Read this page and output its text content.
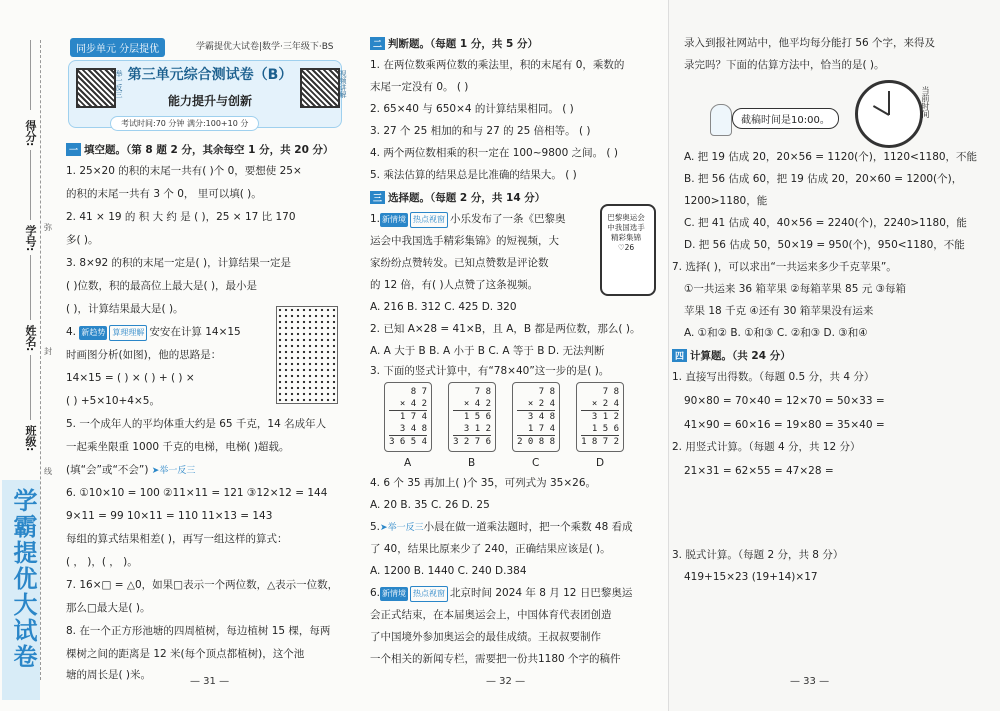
得分:
学号:
姓名:
班级:
弥
封
线
学霸提优大试卷
同步单元 分层提优	学霸提优大试卷|数学·三年级下·BS
举一反三	视频讲解
第三单元综合测试卷（B）
能力提升与创新
考试时间:70 分钟 满分:100+10 分
一 填空题。（第 8 题 2 分，其余每空 1 分，共 20 分）
1. 25×20 的积的末尾一共有( )个 0，要想使 25×
的积的末尾一共有 3 个 0， 里可以填( )。
2. 41 × 19 的 积 大 约 是 ( )，25 × 17 比 170
多( )。
3. 8×92 的积的末尾一定是( )，计算结果一定是
( )位数，积的最高位上最大是( )，最小是
( )，计算结果最大是( )。
4. 新趋势 算理理解 安安在计算 14×15
时画图分析(如图)，他的思路是：
14×15 = ( ) × ( ) + ( ) ×
( ) +5×10+4×5。
5. 一个成年人的平均体重大约是 65 千克，14 名成年人
一起乘坐限重 1000 千克的电梯，电梯( )超载。
(填“会”或“不会”) ➤举一反三
6. ①10×10 = 100 ②11×11 = 121 ③12×12 = 144
9×11 = 99 10×11 = 110 11×13 = 143
每组的算式结果相差( )，再写一组这样的算式：
( ， )，( ， )。
7. 16×□ = △0，如果□表示一个两位数，△表示一位数，
那么□最大是( )。
8. 在一个正方形池塘的四周植树，每边植树 15 棵，每两
棵树之间的距离是 12 米(每个顶点都植树)，这个池
塘的周长是( )米。
— 31 —
二 判断题。（每题 1 分，共 5 分）
1. 在两位数乘两位数的乘法里，积的末尾有 0，乘数的
末尾一定没有 0。 ( )
2. 65×40 与 650×4 的计算结果相同。 ( )
3. 27 个 25 相加的和与 27 的 25 倍相等。 ( )
4. 两个两位数相乘的积一定在 100~9800 之间。 ( )
5. 乘法估算的结果总是比准确的结果大。 ( )
三 选择题。（每题 2 分，共 14 分）
1. 新情境 热点视窗 小乐发布了一条《巴黎奥
运会中我国选手精彩集锦》的短视频，大
家纷纷点赞转发。已知点赞数是评论数
的 12 倍，有( )人点赞了这条视频。
A. 216 B. 312 C. 425 D. 320
巴黎奥运会中我国选手精彩集锦 ♡26
2. 已知 A×28 = 41×B，且 A，B 都是两位数，那么( )。
A. A 大于 B B. A 小于 B C. A 等于 B D. 无法判断
3. 下面的竖式计算中，有“78×40”这一步的是( )。
8 7
× 4 2
1 7 4
3 4 8
3 6 5 4
7 8
× 4 2
1 5 6
3 1 2
3 2 7 6
7 8
× 2 4
3 4 8
1 7 4
2 0 8 8
7 8
× 2 4
3 1 2
1 5 6
1 8 7 2
A	B	C	D
4. 6 个 35 再加上( )个 35，可列式为 35×26。
A. 20 B. 35 C. 26 D. 25
5.➤举一反三小晨在做一道乘法题时，把一个乘数 48 看成
了 40，结果比原来少了 240，正确结果应该是( )。
A. 1200 B. 1440 C. 240 D.384
6. 新情境 热点视窗 北京时间 2024 年 8 月 12 日巴黎奥运
会正式结束，在本届奥运会上，中国体育代表团创造
了中国境外参加奥运会的最佳成绩。王叔叔要制作
一个相关的新闻专栏，需要把一份共1180 个字的稿件
— 32 —
录入到报社网站中，他平均每分能打 56 个字，来得及
录完吗？下面的估算方法中，恰当的是( )。
截稿时间是10:00。
当前时间
A. 把 19 估成 20，20×56 = 1120(个)，1120<1180，不能
B. 把 56 估成 60，把 19 估成 20，20×60 = 1200(个)，
1200>1180，能
C. 把 41 估成 40，40×56 = 2240(个)，2240>1180，能
D. 把 56 估成 50，50×19 = 950(个)，950<1180，不能
7. 选择( )，可以求出“一共运来多少千克苹果”。
①一共运来 36 箱苹果 ②每箱苹果 85 元 ③每箱
苹果 18 千克 ④还有 30 箱苹果没有运来
A. ①和② B. ①和③ C. ②和③ D. ③和④
四 计算题。（共 24 分）
1. 直接写出得数。（每题 0.5 分，共 4 分）
90×80 = 70×40 = 12×70 = 50×33 =
41×90 = 60×16 = 19×80 = 35×40 =
2. 用竖式计算。（每题 4 分，共 12 分）
21×31 = 62×55 = 47×28 =
3. 脱式计算。（每题 2 分，共 8 分）
419+15×23 (19+14)×17
— 33 —
